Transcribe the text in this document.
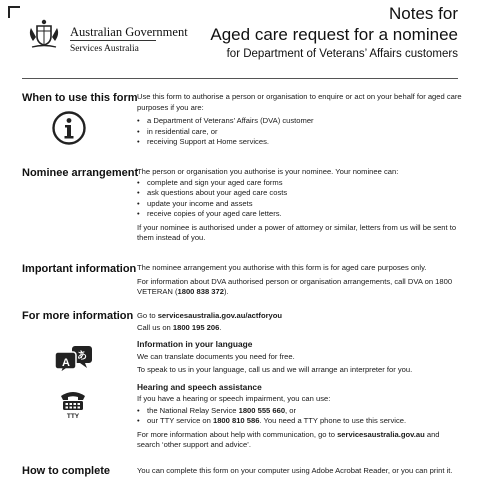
Australian Government
Services Australia
Notes for
Aged care request for a nominee
for Department of Veterans’ Affairs customers
When to use this form Use this form to authorise a person or organisation to enquire or act on your behalf for aged care purposes if you are:

• a Department of Veterans’ Affairs (DVA) customer
• in residential care, or
• receiving Support at Home services.
Nominee arrangement

The person or organisation you authorise is your nominee. Your nominee can:

• complete and sign your aged care forms
• ask questions about your aged care costs
• update your income and assets
• receive copies of your aged care letters.

If your nominee is authorised under a power of attorney or similar, letters from us will be sent to them instead of you.

Important information The nominee arrangement you authorise with this form is for aged care purposes only.

For information about DVA authorised person or organisation arrangements, call DVA on 1800 VETERAN (1800 838 372).

For more information Go to servicesaustralia.gov.au/actforyou

Call us on 1800 195 206.

Information in your language

We can translate documents you need for free.

To speak to us in your language, call us and we will arrange an interpreter for you.

Hearing and speech assistance

If you have a hearing or speech impairment, you can use:

• the National Relay Service 1800 555 660, or
• our TTY service on 1800 810 586. You need a TTY phone to use this service.

For more information about help with communication, go to servicesaustralia.gov.au and search ‘other support and advice’.

A
あ
TTY
How to complete	You can complete this form on your computer using Adobe Acrobat Reader, or you can print it.
